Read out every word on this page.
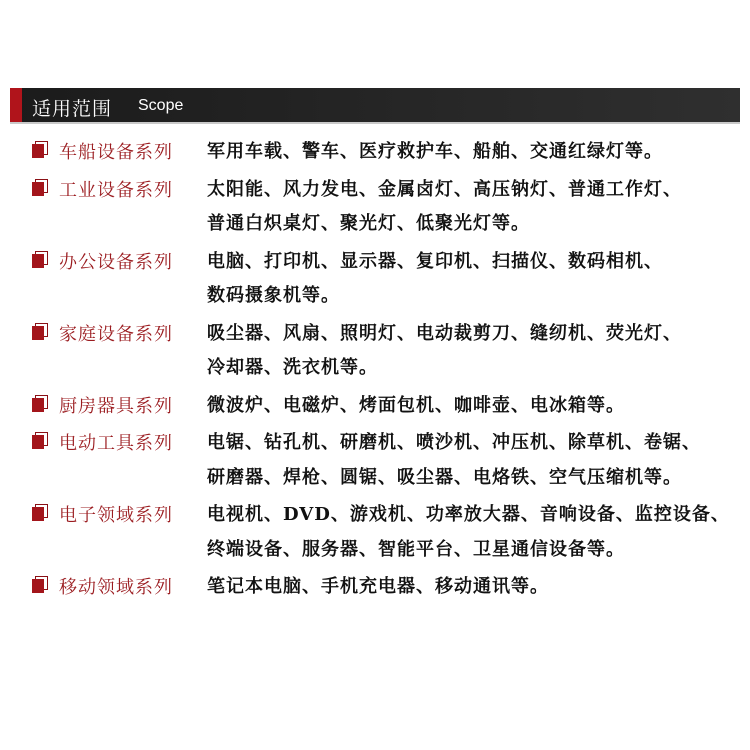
适用范围 Scope
车船设备系列 军用车载、警车、医疗救护车、船舶、交通红绿灯等。
工业设备系列 太阳能、风力发电、金属卤灯、高压钠灯、普通工作灯、
普通白炽桌灯、聚光灯、低聚光灯等。
办公设备系列 电脑、打印机、显示器、复印机、扫描仪、数码相机、
数码摄象机等。
家庭设备系列 吸尘器、风扇、照明灯、电动裁剪刀、缝纫机、荧光灯、
冷却器、洗衣机等。
厨房器具系列 微波炉、电磁炉、烤面包机、咖啡壶、电冰箱等。
电动工具系列 电锯、钻孔机、研磨机、喷沙机、冲压机、除草机、卷锯、
研磨器、焊枪、圆锯、吸尘器、电烙铁、空气压缩机等。
电子领域系列 电视机、DVD、游戏机、功率放大器、音响设备、监控设备、
终端设备、服务器、智能平台、卫星通信设备等。
移动领域系列 笔记本电脑、手机充电器、移动通讯等。
